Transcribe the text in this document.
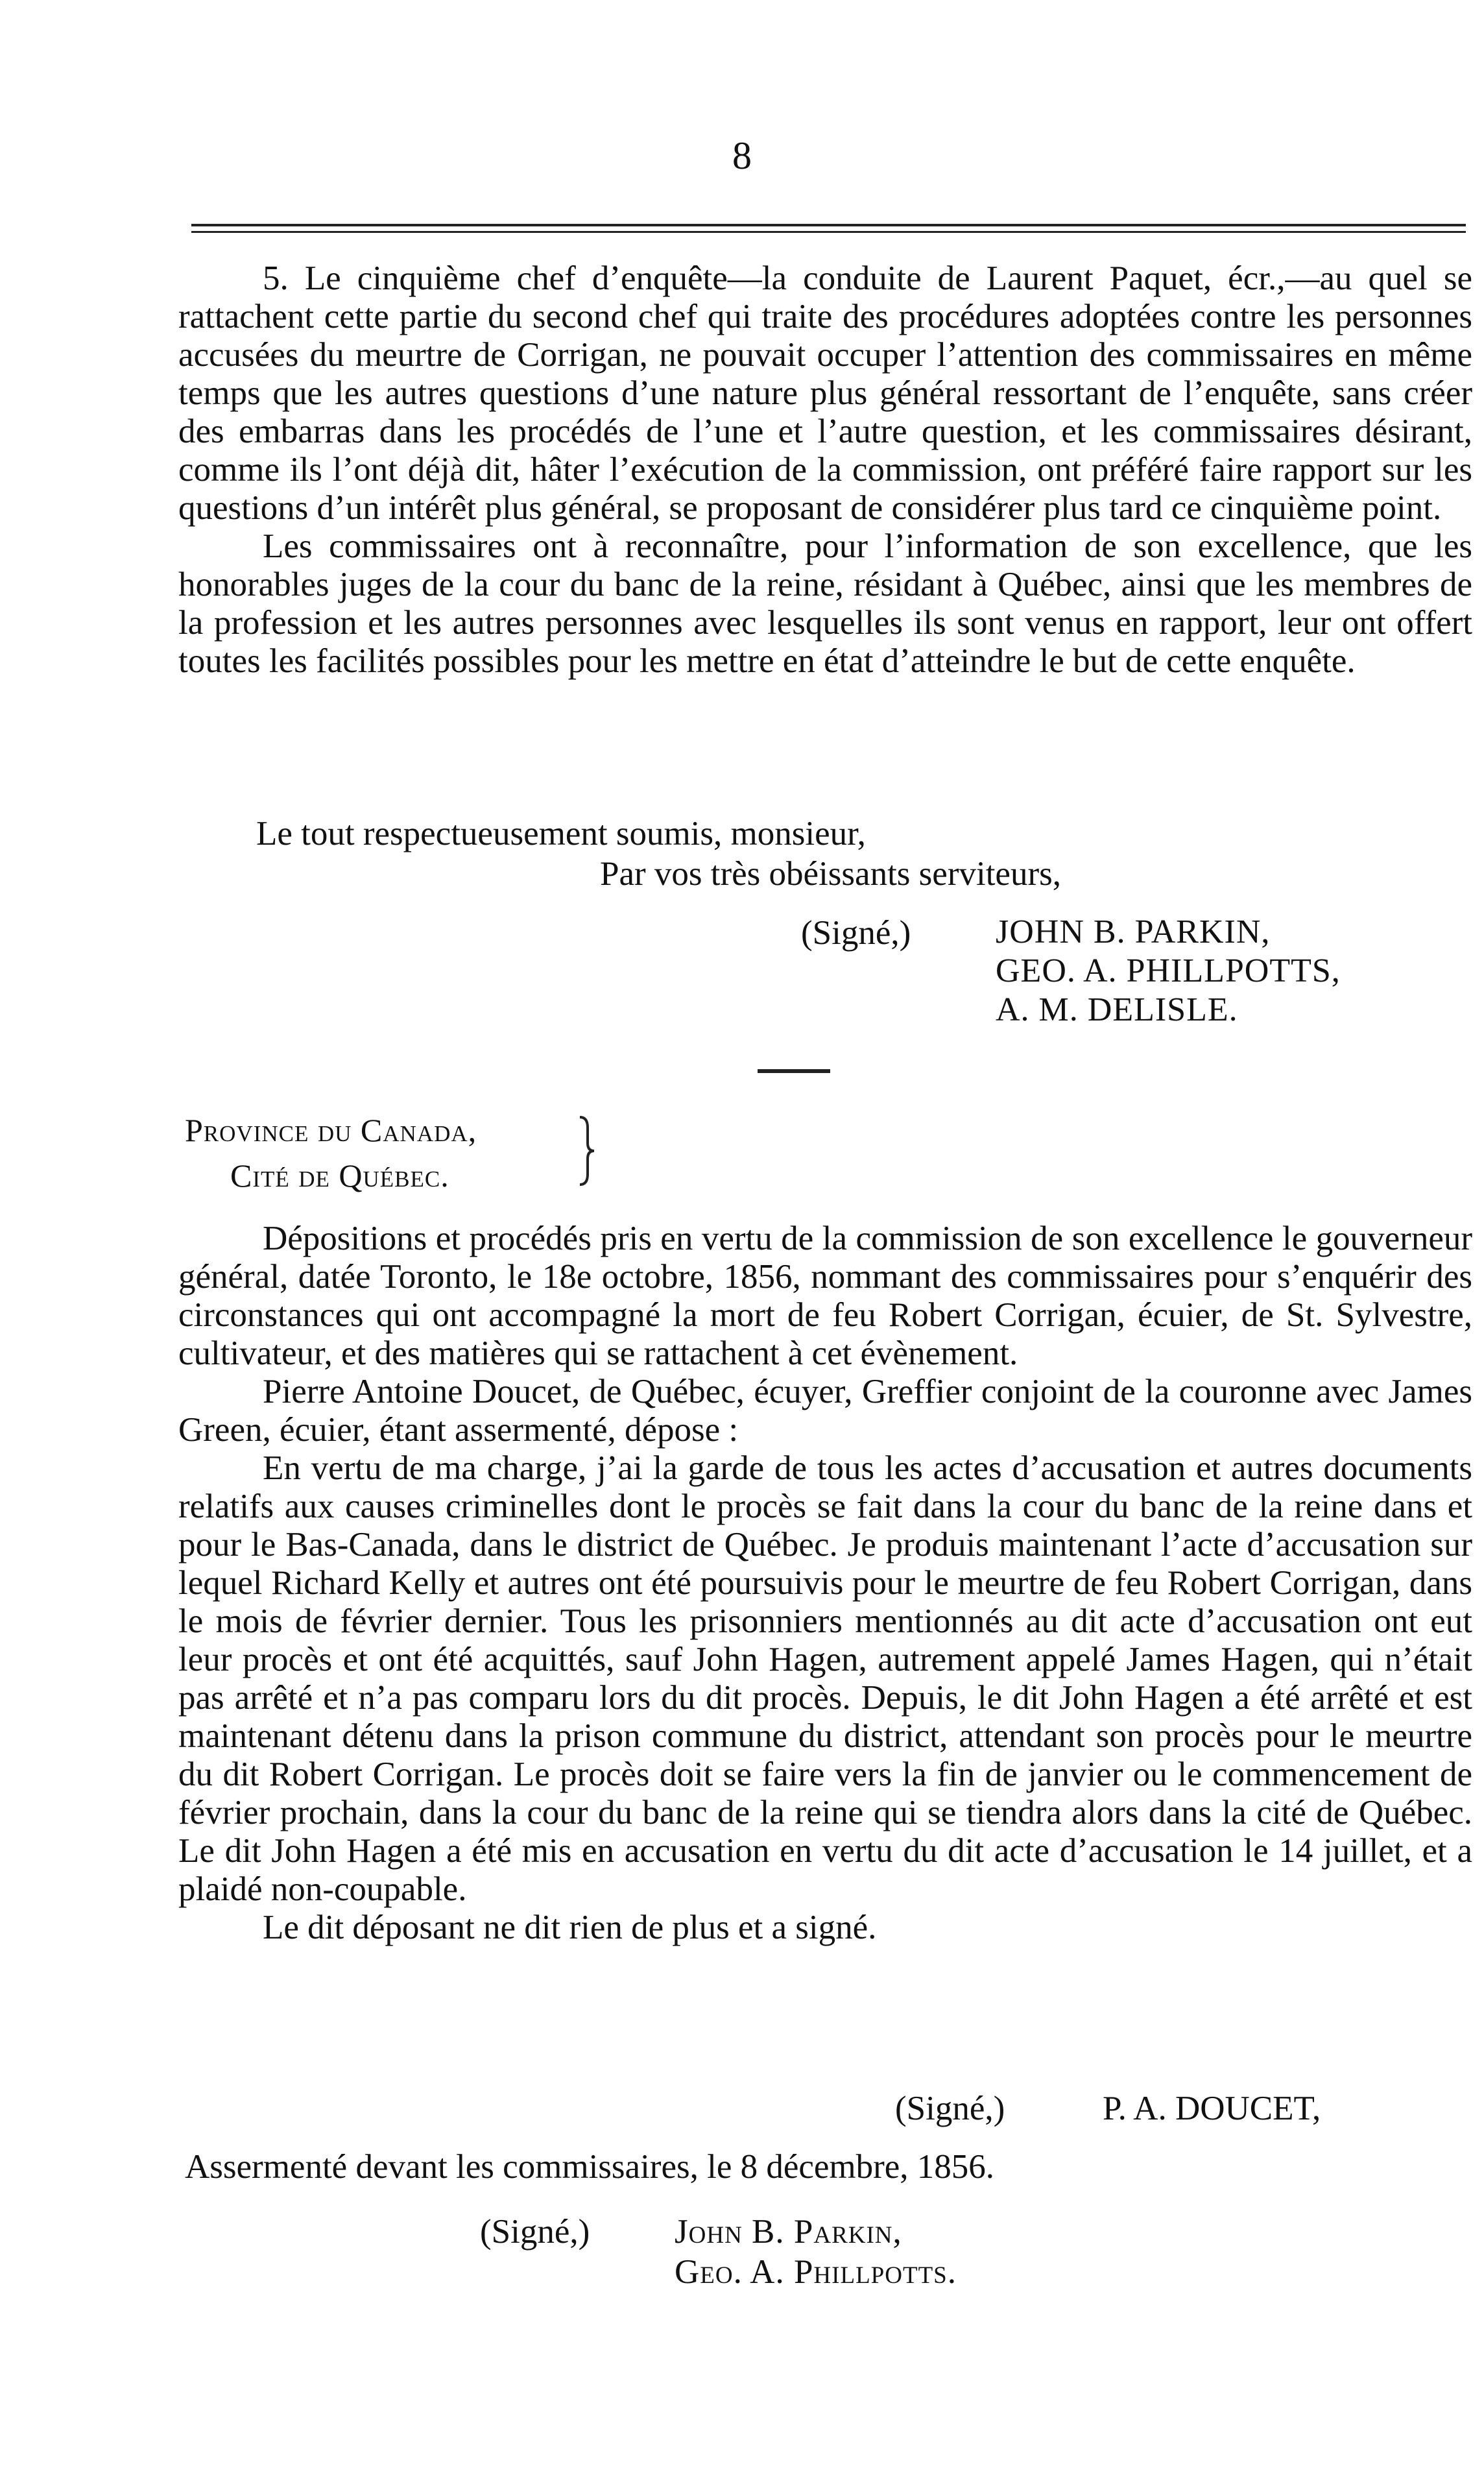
8

5. Le cinquième chef d’enquête—la conduite de Laurent Paquet, écr.,—au quel se rattachent cette partie du second chef qui traite des procédures adoptées contre les personnes accusées du meurtre de Corrigan, ne pouvait occuper l’attention des commissaires en même temps que les autres questions d’une nature plus général ressortant de l’enquête, sans créer des embarras dans les procédés de l’une et l’autre question, et les commissaires désirant, comme ils l’ont déjà dit, hâter l’exécution de la commission, ont préféré faire rapport sur les questions d’un intérêt plus général, se proposant de considérer plus tard ce cinquième point.

Les commissaires ont à reconnaître, pour l’information de son excellence, que les honorables juges de la cour du banc de la reine, résidant à Québec, ainsi que les membres de la profession et les autres personnes avec lesquelles ils sont venus en rapport, leur ont offert toutes les facilités possibles pour les mettre en état d’atteindre le but de cette enquête.

Le tout respectueusement soumis, monsieur,
Par vos très obéissants serviteurs,
(Signé,)	JOHN B. PARKIN,
GEO. A. PHILLPOTTS,
A. M. DELISLE.
Province du Canada,
Cité de Québec.

Dépositions et procédés pris en vertu de la commission de son excellence le gouverneur général, datée Toronto, le 18e octobre, 1856, nommant des commissaires pour s’enquérir des circonstances qui ont accompagné la mort de feu Robert Corrigan, écuier, de St. Sylvestre, cultivateur, et des matières qui se rattachent à cet évènement.

Pierre Antoine Doucet, de Québec, écuyer, Greffier conjoint de la couronne avec James Green, écuier, étant assermenté, dépose :

En vertu de ma charge, j’ai la garde de tous les actes d’accusation et autres documents relatifs aux causes criminelles dont le procès se fait dans la cour du banc de la reine dans et pour le Bas-Canada, dans le district de Québec. Je produis maintenant l’acte d’accusation sur lequel Richard Kelly et autres ont été poursuivis pour le meurtre de feu Robert Corrigan, dans le mois de février dernier. Tous les prisonniers mentionnés au dit acte d’accusation ont eut leur procès et ont été acquittés, sauf John Hagen, autrement appelé James Hagen, qui n’était pas arrêté et n’a pas comparu lors du dit procès. Depuis, le dit John Hagen a été arrêté et est maintenant détenu dans la prison commune du district, attendant son procès pour le meurtre du dit Robert Corrigan. Le procès doit se faire vers la fin de janvier ou le commencement de février prochain, dans la cour du banc de la reine qui se tiendra alors dans la cité de Québec. Le dit John Hagen a été mis en accusation en vertu du dit acte d’accusation le 14 juillet, et a plaidé non-coupable.

Le dit déposant ne dit rien de plus et a signé.

(Signé,)	P. A. DOUCET,
Assermenté devant les commissaires, le 8 décembre, 1856.
(Signé,) John B. Parkin,
Geo. A. Phillpotts.
